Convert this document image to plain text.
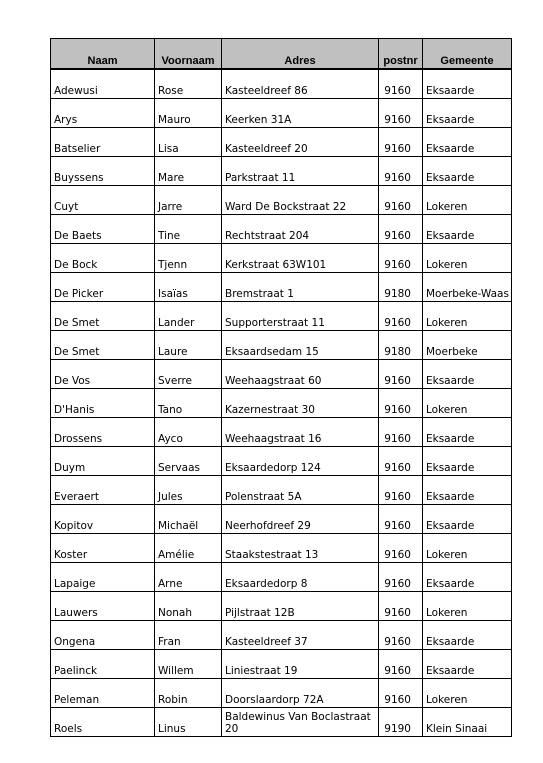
Naam	Voornaam	Adres	postnr	Gemeente
Adewusi	Rose	Kasteeldreef 86	9160	Eksaarde
Arys	Mauro	Keerken 31A	9160	Eksaarde
Batselier	Lisa	Kasteeldreef 20	9160	Eksaarde
Buyssens	Mare	Parkstraat 11	9160	Eksaarde
Cuyt	Jarre	Ward De Bockstraat 22	9160	Lokeren
De Baets	Tine	Rechtstraat 204	9160	Eksaarde
De Bock	Tjenn	Kerkstraat 63W101	9160	Lokeren
De Picker	Isaïas	Bremstraat 1	9180	Moerbeke-Waas
De Smet	Lander	Supporterstraat 11	9160	Lokeren
De Smet	Laure	Eksaardsedam 15	9180	Moerbeke
De Vos	Sverre	Weehaagstraat 60	9160	Eksaarde
D'Hanis	Tano	Kazernestraat 30	9160	Lokeren
Drossens	Ayco	Weehaagstraat 16	9160	Eksaarde
Duym	Servaas	Eksaardedorp 124	9160	Eksaarde
Everaert	Jules	Polenstraat 5A	9160	Eksaarde
Kopitov	Michaël	Neerhofdreef 29	9160	Eksaarde
Koster	Amélie	Staakstestraat 13	9160	Lokeren
Lapaige	Arne	Eksaardedorp 8	9160	Eksaarde
Lauwers	Nonah	Pijlstraat 12B	9160	Lokeren
Ongena	Fran	Kasteeldreef 37	9160	Eksaarde
Paelinck	Willem	Liniestraat 19	9160	Eksaarde
Peleman	Robin	Doorslaardorp 72A	9160	Lokeren
Roels	Linus	Baldewinus Van Boclastraat 20	9190	Klein Sinaai
